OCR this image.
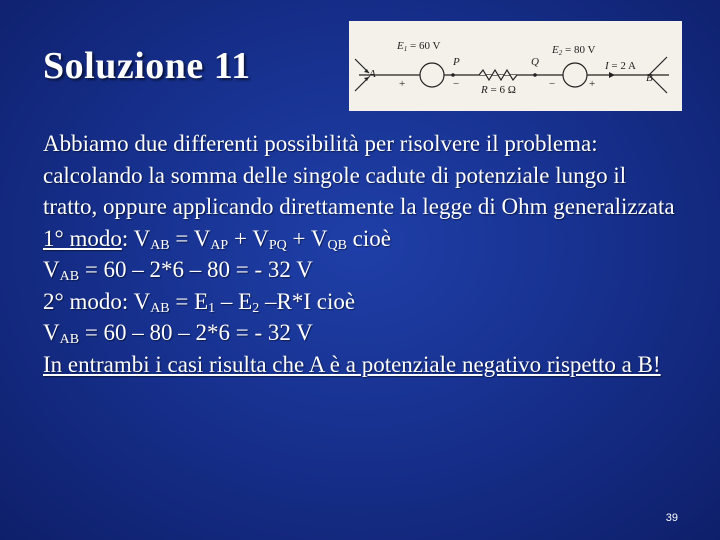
Soluzione 11	E1 = 60 V	E2 = 80 V
I = 2 A
R = 6 Ω
A	B
P	Q
+	−	−	+
Abbiamo due differenti possibilità per risolvere il problema: calcolando la somma delle singole cadute di potenziale lungo il tratto, oppure applicando direttamente la legge di Ohm generalizzata
1° modo: $V_{AB} = V_{AP} + V_{PQ} + V_{QB}$ cioè
$V_{AB} = 60 - 2*6 - 80$ = - 32 V
2° modo: $V_{AB} = E_1 - E_2$ –R*I cioè
$V_{AB} = 60 - 80 - 2*6$ = - 32 V
In entrambi i casi risulta che A è a potenziale negativo rispetto a B!
39
